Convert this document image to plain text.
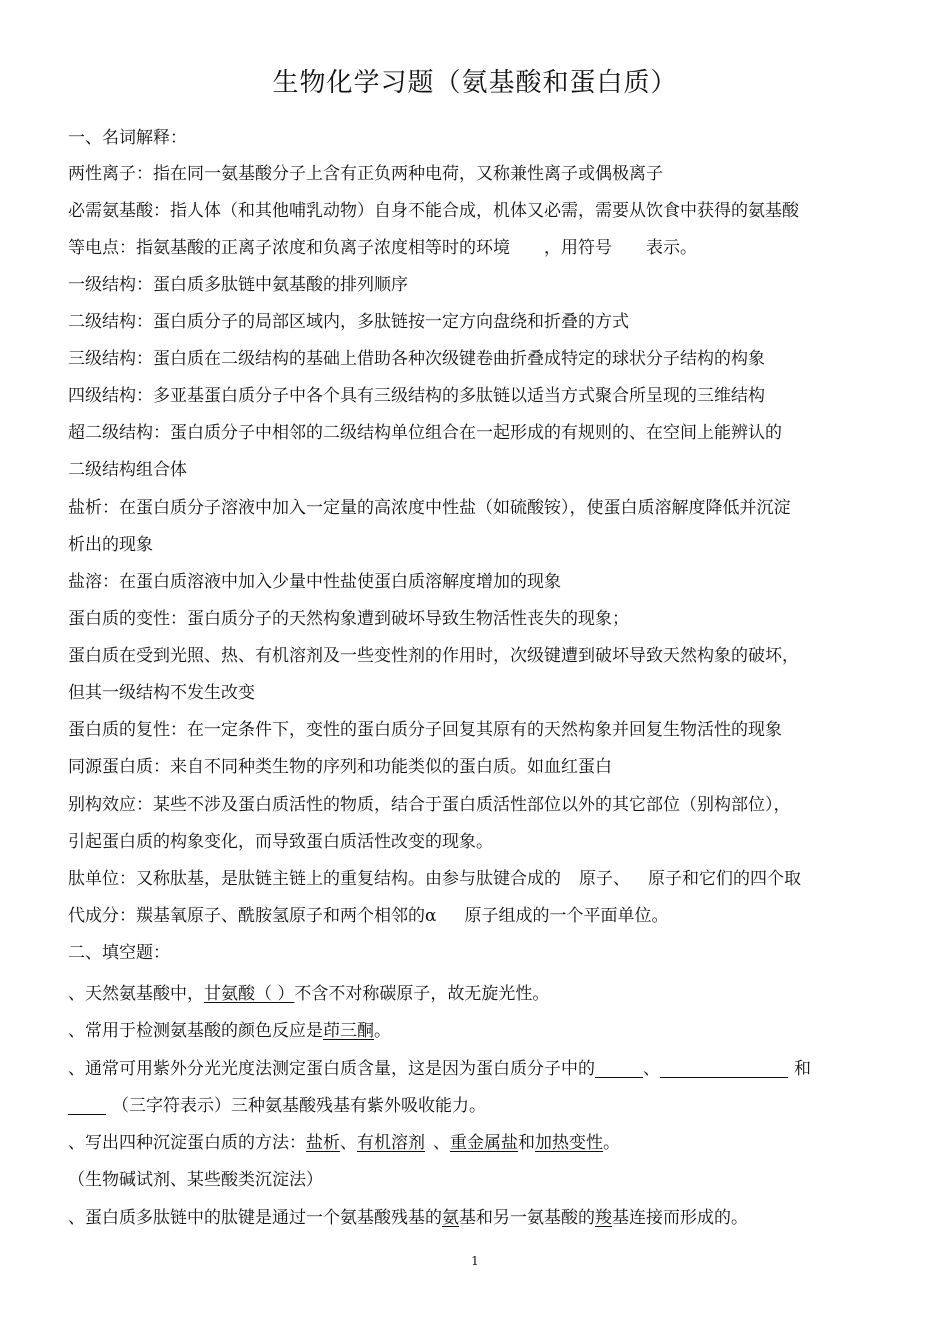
生物化学习题（氨基酸和蛋白质）
一、名词解释：
两性离子：指在同一氨基酸分子上含有正负两种电荷，又称兼性离子或偶极离子
必需氨基酸：指人体（和其他哺乳动物）自身不能合成，机体又必需，需要从饮食中获得的氨基酸
等电点：指氨基酸的正离子浓度和负离子浓度相等时的环境 ，用符号 表示。
一级结构：蛋白质多肽链中氨基酸的排列顺序
二级结构：蛋白质分子的局部区域内，多肽链按一定方向盘绕和折叠的方式
三级结构：蛋白质在二级结构的基础上借助各种次级键卷曲折叠成特定的球状分子结构的构象
四级结构：多亚基蛋白质分子中各个具有三级结构的多肽链以适当方式聚合所呈现的三维结构
超二级结构：蛋白质分子中相邻的二级结构单位组合在一起形成的有规则的、在空间上能辨认的
二级结构组合体
盐析：在蛋白质分子溶液中加入一定量的高浓度中性盐（如硫酸铵），使蛋白质溶解度降低并沉淀
析出的现象
盐溶：在蛋白质溶液中加入少量中性盐使蛋白质溶解度增加的现象
蛋白质的变性：蛋白质分子的天然构象遭到破坏导致生物活性丧失的现象；
蛋白质在受到光照、热、有机溶剂及一些变性剂的作用时，次级键遭到破坏导致天然构象的破坏，
但其一级结构不发生改变
蛋白质的复性：在一定条件下，变性的蛋白质分子回复其原有的天然构象并回复生物活性的现象
同源蛋白质：来自不同种类生物的序列和功能类似的蛋白质。如血红蛋白
别构效应：某些不涉及蛋白质活性的物质，结合于蛋白质活性部位以外的其它部位（别构部位），
引起蛋白质的构象变化，而导致蛋白质活性改变的现象。
肽单位：又称肽基，是肽链主链上的重复结构。由参与肽键合成的 原子、 原子和它们的四个取
代成分：羰基氧原子、酰胺氢原子和两个相邻的α 原子组成的一个平面单位。
二、填空题：
、天然氨基酸中，甘氨酸（ ）不含不对称碳原子，故无旋光性。
、常用于检测氨基酸的颜色反应是茚三酮。
、通常可用紫外分光光度法测定蛋白质含量，这是因为蛋白质分子中的	、	和
（三字符表示）三种氨基酸残基有紫外吸收能力。
、写出四种沉淀蛋白质的方法：盐析、有机溶剂 、重金属盐和加热变性。
（生物碱试剂、某些酸类沉淀法）
、蛋白质多肽链中的肽键是通过一个氨基酸残基的氨基和另一氨基酸的羧基连接而形成的。
1
